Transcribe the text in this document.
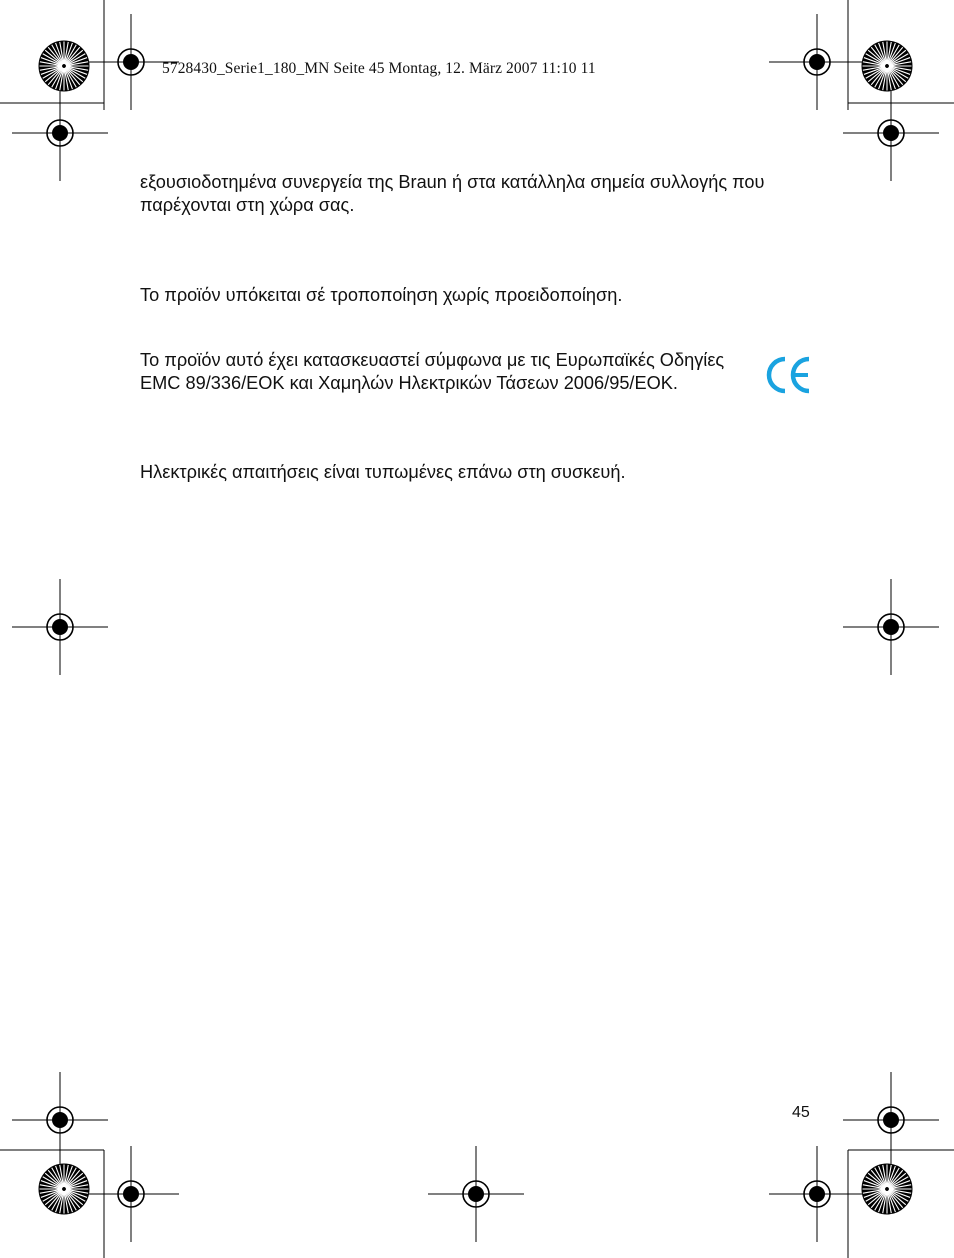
5728430_Serie1_180_MN Seite 45 Montag, 12. März 2007 11:10 11

εξουσιοδοτημένα συνεργεία της Braun ή στα κατάλληλα σημεία συλλογής που παρέχονται στη χώρα σας.

Το προϊόν υπόκειται σέ τροποποίηση χωρίς προειδοποίηση.

Το προϊόν αυτό έχει κατασκευαστεί σύμφωνα με τις Ευρωπαϊκές Οδηγίες EMC 89/336/EOK και Χαμηλών Ηλεκτρικών Τάσεων 2006/95/EOK.

Ηλεκτρικές απαιτήσεις είναι τυπωμένες επάνω στη συσκευή.

45
